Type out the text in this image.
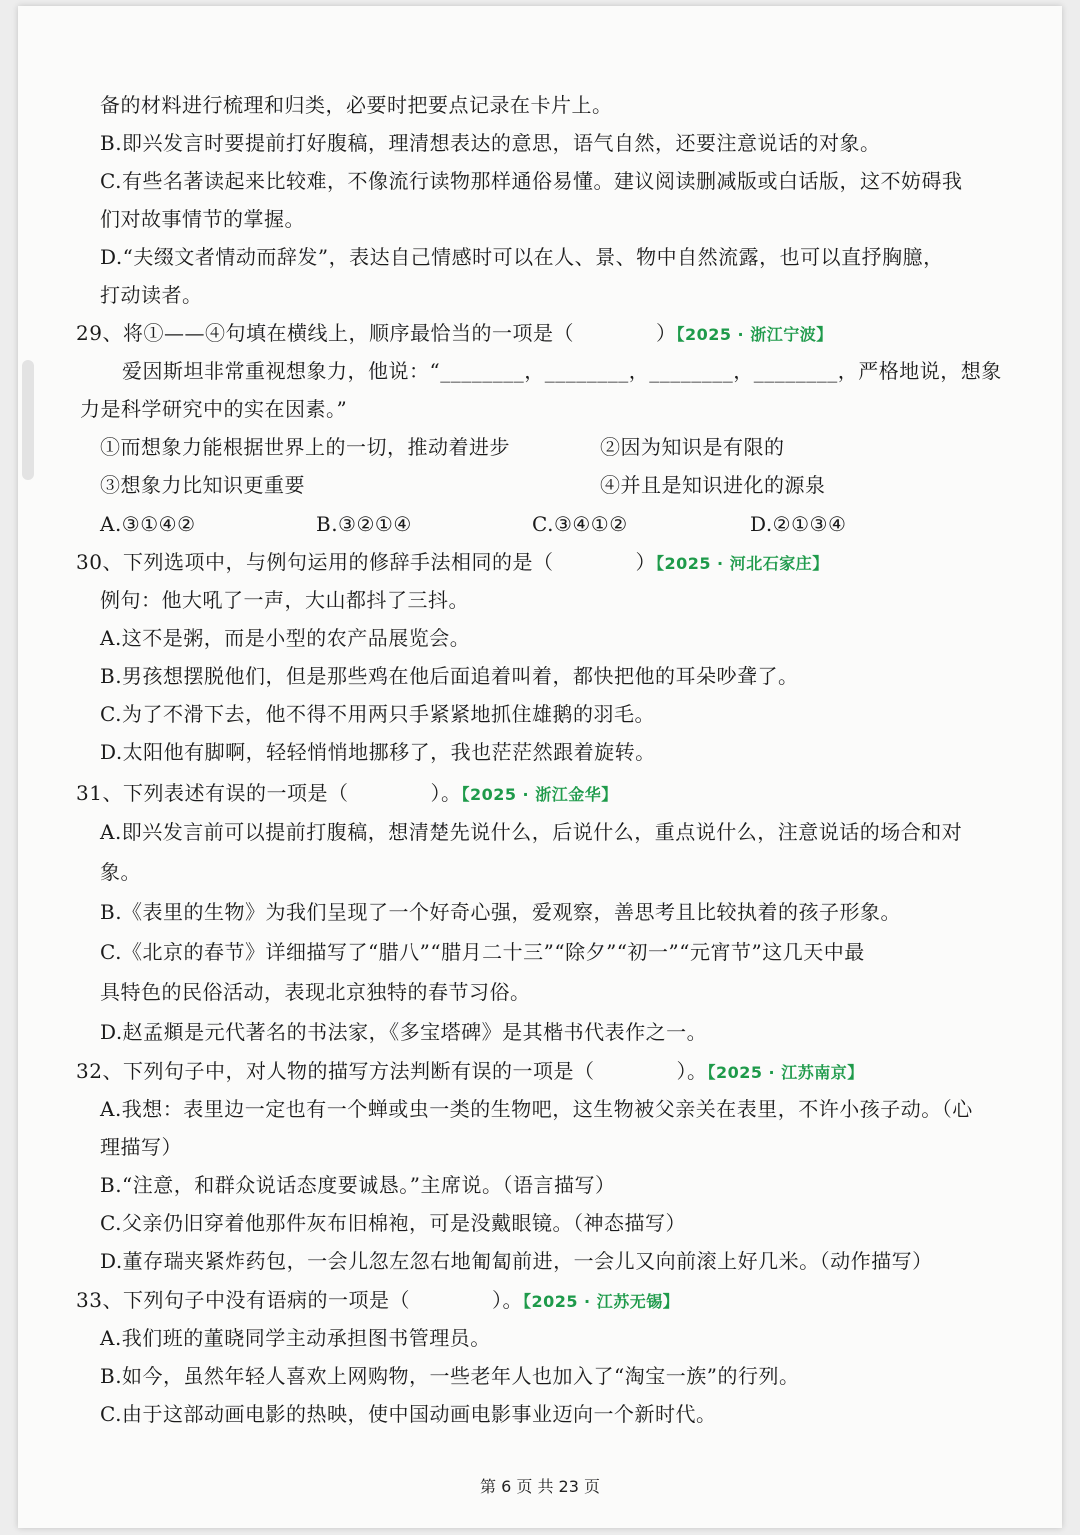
备的材料进行梳理和归类，必要时把要点记录在卡片上。
B.即兴发言时要提前打好腹稿，理清想表达的意思，语气自然，还要注意说话的对象。
C.有些名著读起来比较难，不像流行读物那样通俗易懂。建议阅读删减版或白话版，这不妨碍我
们对故事情节的掌握。
D.“夫缀文者情动而辞发”，表达自己情感时可以在人、景、物中自然流露，也可以直抒胸臆，
打动读者。
29、将①——④句填在横线上，顺序最恰当的一项是（　　　　）【2025 · 浙江宁波】
爱因斯坦非常重视想象力，他说：“________，________，________，________，严格地说，想象
力是科学研究中的实在因素。”
①而想象力能根据世界上的一切，推动着进步	②因为知识是有限的
③想象力比知识更重要	④并且是知识进化的源泉
A.③①④②	B.③②①④	C.③④①②	D.②①③④
30、下列选项中，与例句运用的修辞手法相同的是（　　　　）【2025 · 河北石家庄】
例句：他大吼了一声，大山都抖了三抖。
A.这不是粥，而是小型的农产品展览会。
B.男孩想摆脱他们，但是那些鸡在他后面追着叫着，都快把他的耳朵吵聋了。
C.为了不滑下去，他不得不用两只手紧紧地抓住雄鹅的羽毛。
D.太阳他有脚啊，轻轻悄悄地挪移了，我也茫茫然跟着旋转。
31、下列表述有误的一项是（　　　　）。【2025 · 浙江金华】
A.即兴发言前可以提前打腹稿，想清楚先说什么，后说什么，重点说什么，注意说话的场合和对
象。
B.《表里的生物》为我们呈现了一个好奇心强，爱观察，善思考且比较执着的孩子形象。
C.《北京的春节》详细描写了“腊八”“腊月二十三”“除夕”“初一”“元宵节”这几天中最
具特色的民俗活动，表现北京独特的春节习俗。
D.赵孟頫是元代著名的书法家，《多宝塔碑》是其楷书代表作之一。
32、下列句子中，对人物的描写方法判断有误的一项是（　　　　）。【2025 · 江苏南京】
A.我想：表里边一定也有一个蝉或虫一类的生物吧，这生物被父亲关在表里，不许小孩子动。（心
理描写）
B.“注意，和群众说话态度要诚恳。”主席说。（语言描写）
C.父亲仍旧穿着他那件灰布旧棉袍，可是没戴眼镜。（神态描写）
D.董存瑞夹紧炸药包，一会儿忽左忽右地匍匐前进，一会儿又向前滚上好几米。（动作描写）
33、下列句子中没有语病的一项是（　　　　）。【2025 · 江苏无锡】
A.我们班的董晓同学主动承担图书管理员。
B.如今，虽然年轻人喜欢上网购物，一些老年人也加入了“淘宝一族”的行列。
C.由于这部动画电影的热映，使中国动画电影事业迈向一个新时代。
第 6 页 共 23 页
